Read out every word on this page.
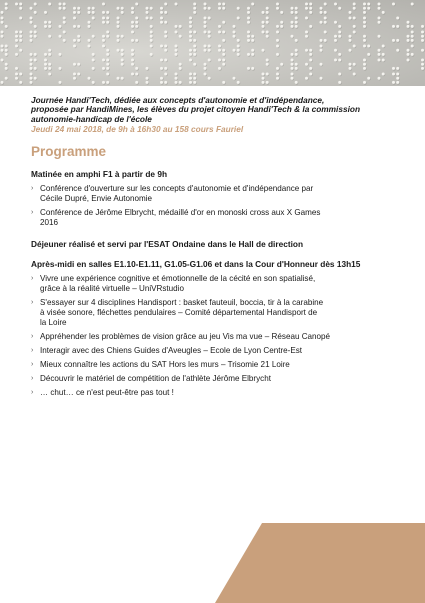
Journée Handi'Tech, dédiée aux concepts d'autonomie et d'indépendance,
proposée par HandiMines, les élèves du projet citoyen Handi'Tech & la commission
autonomie-handicap de l'école

Jeudi 24 mai 2018, de 9h à 16h30 au 158 cours Fauriel

Programme

Matinée en amphi F1 à partir de 9h

› Conférence d'ouverture sur les concepts d'autonomie et d'indépendance par
Cécile Dupré, Envie Autonomie
› Conférence de Jérôme Elbrycht, médaillé d'or en monoski cross aux X Games
2016

Déjeuner réalisé et servi par l'ESAT Ondaine dans le Hall de direction

Après-midi en salles E1.10-E1.11, G1.05-G1.06 et dans la Cour d'Honneur dès 13h15

› Vivre une expérience cognitive et émotionnelle de la cécité en son spatialisé,
grâce à la réalité virtuelle – UniVRstudio
› S'essayer sur 4 disciplines Handisport : basket fauteuil, boccia, tir à la carabine
à visée sonore, fléchettes pendulaires – Comité départemental Handisport de
la Loire
› Appréhender les problèmes de vision grâce au jeu Vis ma vue – Réseau Canopé
› Interagir avec des Chiens Guides d'Aveugles – Ecole de Lyon Centre-Est
› Mieux connaître les actions du SAT Hors les murs – Trisomie 21 Loire
› Découvrir le matériel de compétition de l'athlète Jérôme Elbrycht
› … chut… ce n'est peut-être pas tout !
